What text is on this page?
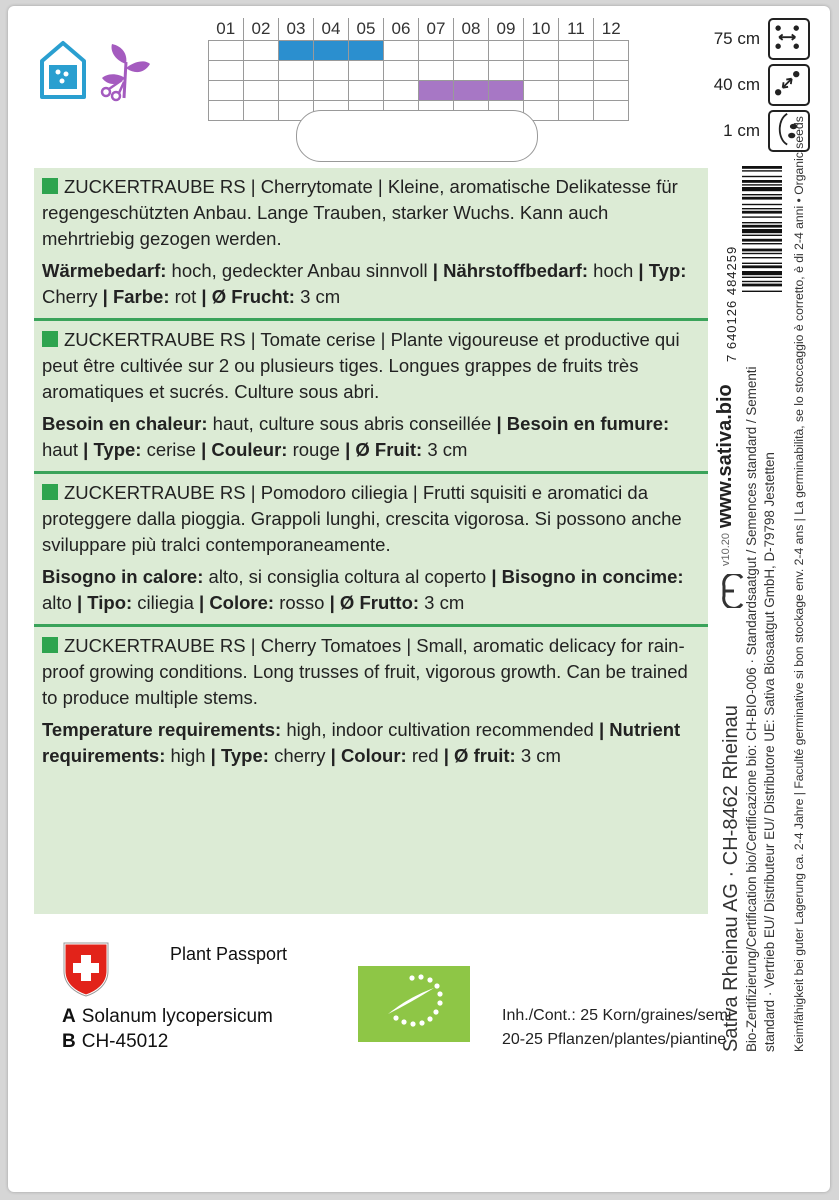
01	02	03	04	05	06	07	08	09	10	11	12

75 cm
40 cm
1 cm

ZUCKERTRAUBE RS | Cherrytomate | Kleine, aromatische Delikatesse für regengeschützten Anbau. Lange Trauben, starker Wuchs. Kann auch mehrtriebig gezogen werden.

Wärmebedarf: hoch, gedeckter Anbau sinnvoll | Nährstoffbedarf: hoch | Typ: Cherry | Farbe: rot | Ø Frucht: 3 cm

ZUCKERTRAUBE RS | Tomate cerise | Plante vigoureuse et productive qui peut être cultivée sur 2 ou plusieurs tiges. Longues grappes de fruits très aromatiques et sucrés. Culture sous abri.

Besoin en chaleur: haut, culture sous abris conseillée | Besoin en fumure: haut | Type: cerise | Couleur: rouge | Ø Fruit: 3 cm

ZUCKERTRAUBE RS | Pomodoro ciliegia | Frutti squisiti e aromatici da proteggere dalla pioggia. Grappoli lunghi, crescita vigorosa. Si possono anche sviluppare più tralci contemporaneamente.

Bisogno in calore: alto, si consiglia coltura al coperto | Bisogno in concime: alto | Tipo: ciliegia | Colore: rosso | Ø Frutto: 3 cm

ZUCKERTRAUBE RS | Cherry Tomatoes | Small, aromatic delicacy for rain-proof growing conditions. Long trusses of fruit, vigorous growth. Can be trained to produce multiple stems.

Temperature requirements: high, indoor cultivation recommended | Nutrient requirements: high | Type: cherry | Colour: red | Ø fruit: 3 cm

Plant Passport
A Solanum lycopersicum
B CH-45012
Inh./Cont.: 25 Korn/graines/semi
20-25 Pflanzen/plantes/piantine
Sativa Rheinau AG · CH-8462 Rheinau
www.sativa.bio Bio-Zertifizierung/Certification bio/Certificazione bio: CH-BIO-006 · Standardsaatgut / Semences standard / Sementi standard · Vertrieb EU/ Distributeur EU/ Distributore UE: Sativa Biosaatgut GmbH, D-79798 Jestetten Keimfähigkeit bei guter Lagerung ca. 2-4 Jahre | Faculté germinative si bon stockage env. 2-4 ans | La germinabilità, se lo stoccaggio è corretto, è di 2-4 anni • Organic seeds
v10.20
7 640126 484259
